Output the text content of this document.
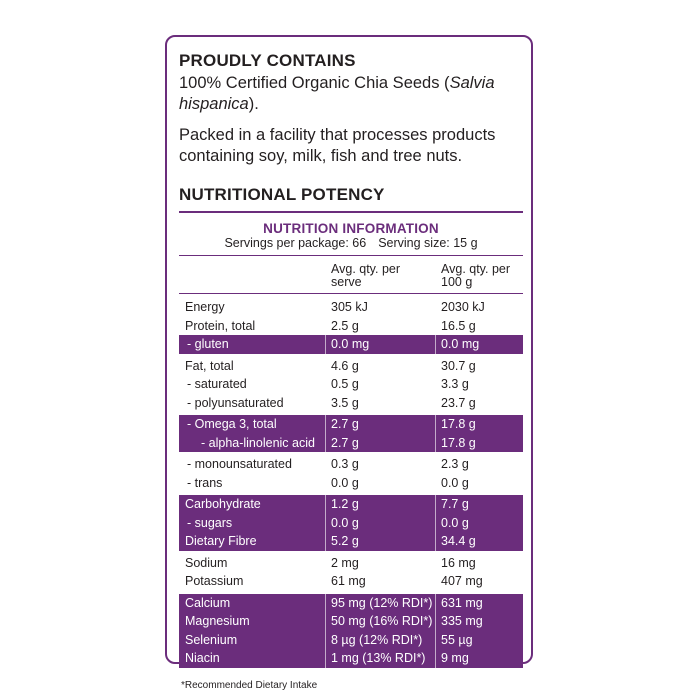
PROUDLY CONTAINS

100% Certified Organic Chia Seeds (Salvia hispanica).

Packed in a facility that processes products containing soy, milk, fish and tree nuts.

NUTRITIONAL POTENCY
NUTRITION INFORMATION
Servings per package: 66 Serving size: 15 g
Avg. qty. per serve
Avg. qty. per 100 g
Energy	305 kJ	2030 kJ
Protein, total	2.5 g	16.5 g
- gluten	0.0 mg	0.0 mg
Fat, total	4.6 g	30.7 g
- saturated	0.5 g	3.3 g
- polyunsaturated	3.5 g	23.7 g
- Omega 3, total	2.7 g	17.8 g
- alpha-linolenic acid 2.7 g	17.8 g
- monounsaturated	0.3 g	2.3 g
- trans	0.0 g	0.0 g
Carbohydrate	1.2 g	7.7 g
- sugars	0.0 g	0.0 g
Dietary Fibre	5.2 g	34.4 g
Sodium	2 mg	16 mg
Potassium	61 mg	407 mg
Calcium	95 mg (12% RDI*) 631 mg
Magnesium	50 mg (16% RDI*) 335 mg
Selenium	8 µg (12% RDI*) 55 µg
Niacin	1 mg (13% RDI*) 9 mg
*Recommended Dietary Intake
